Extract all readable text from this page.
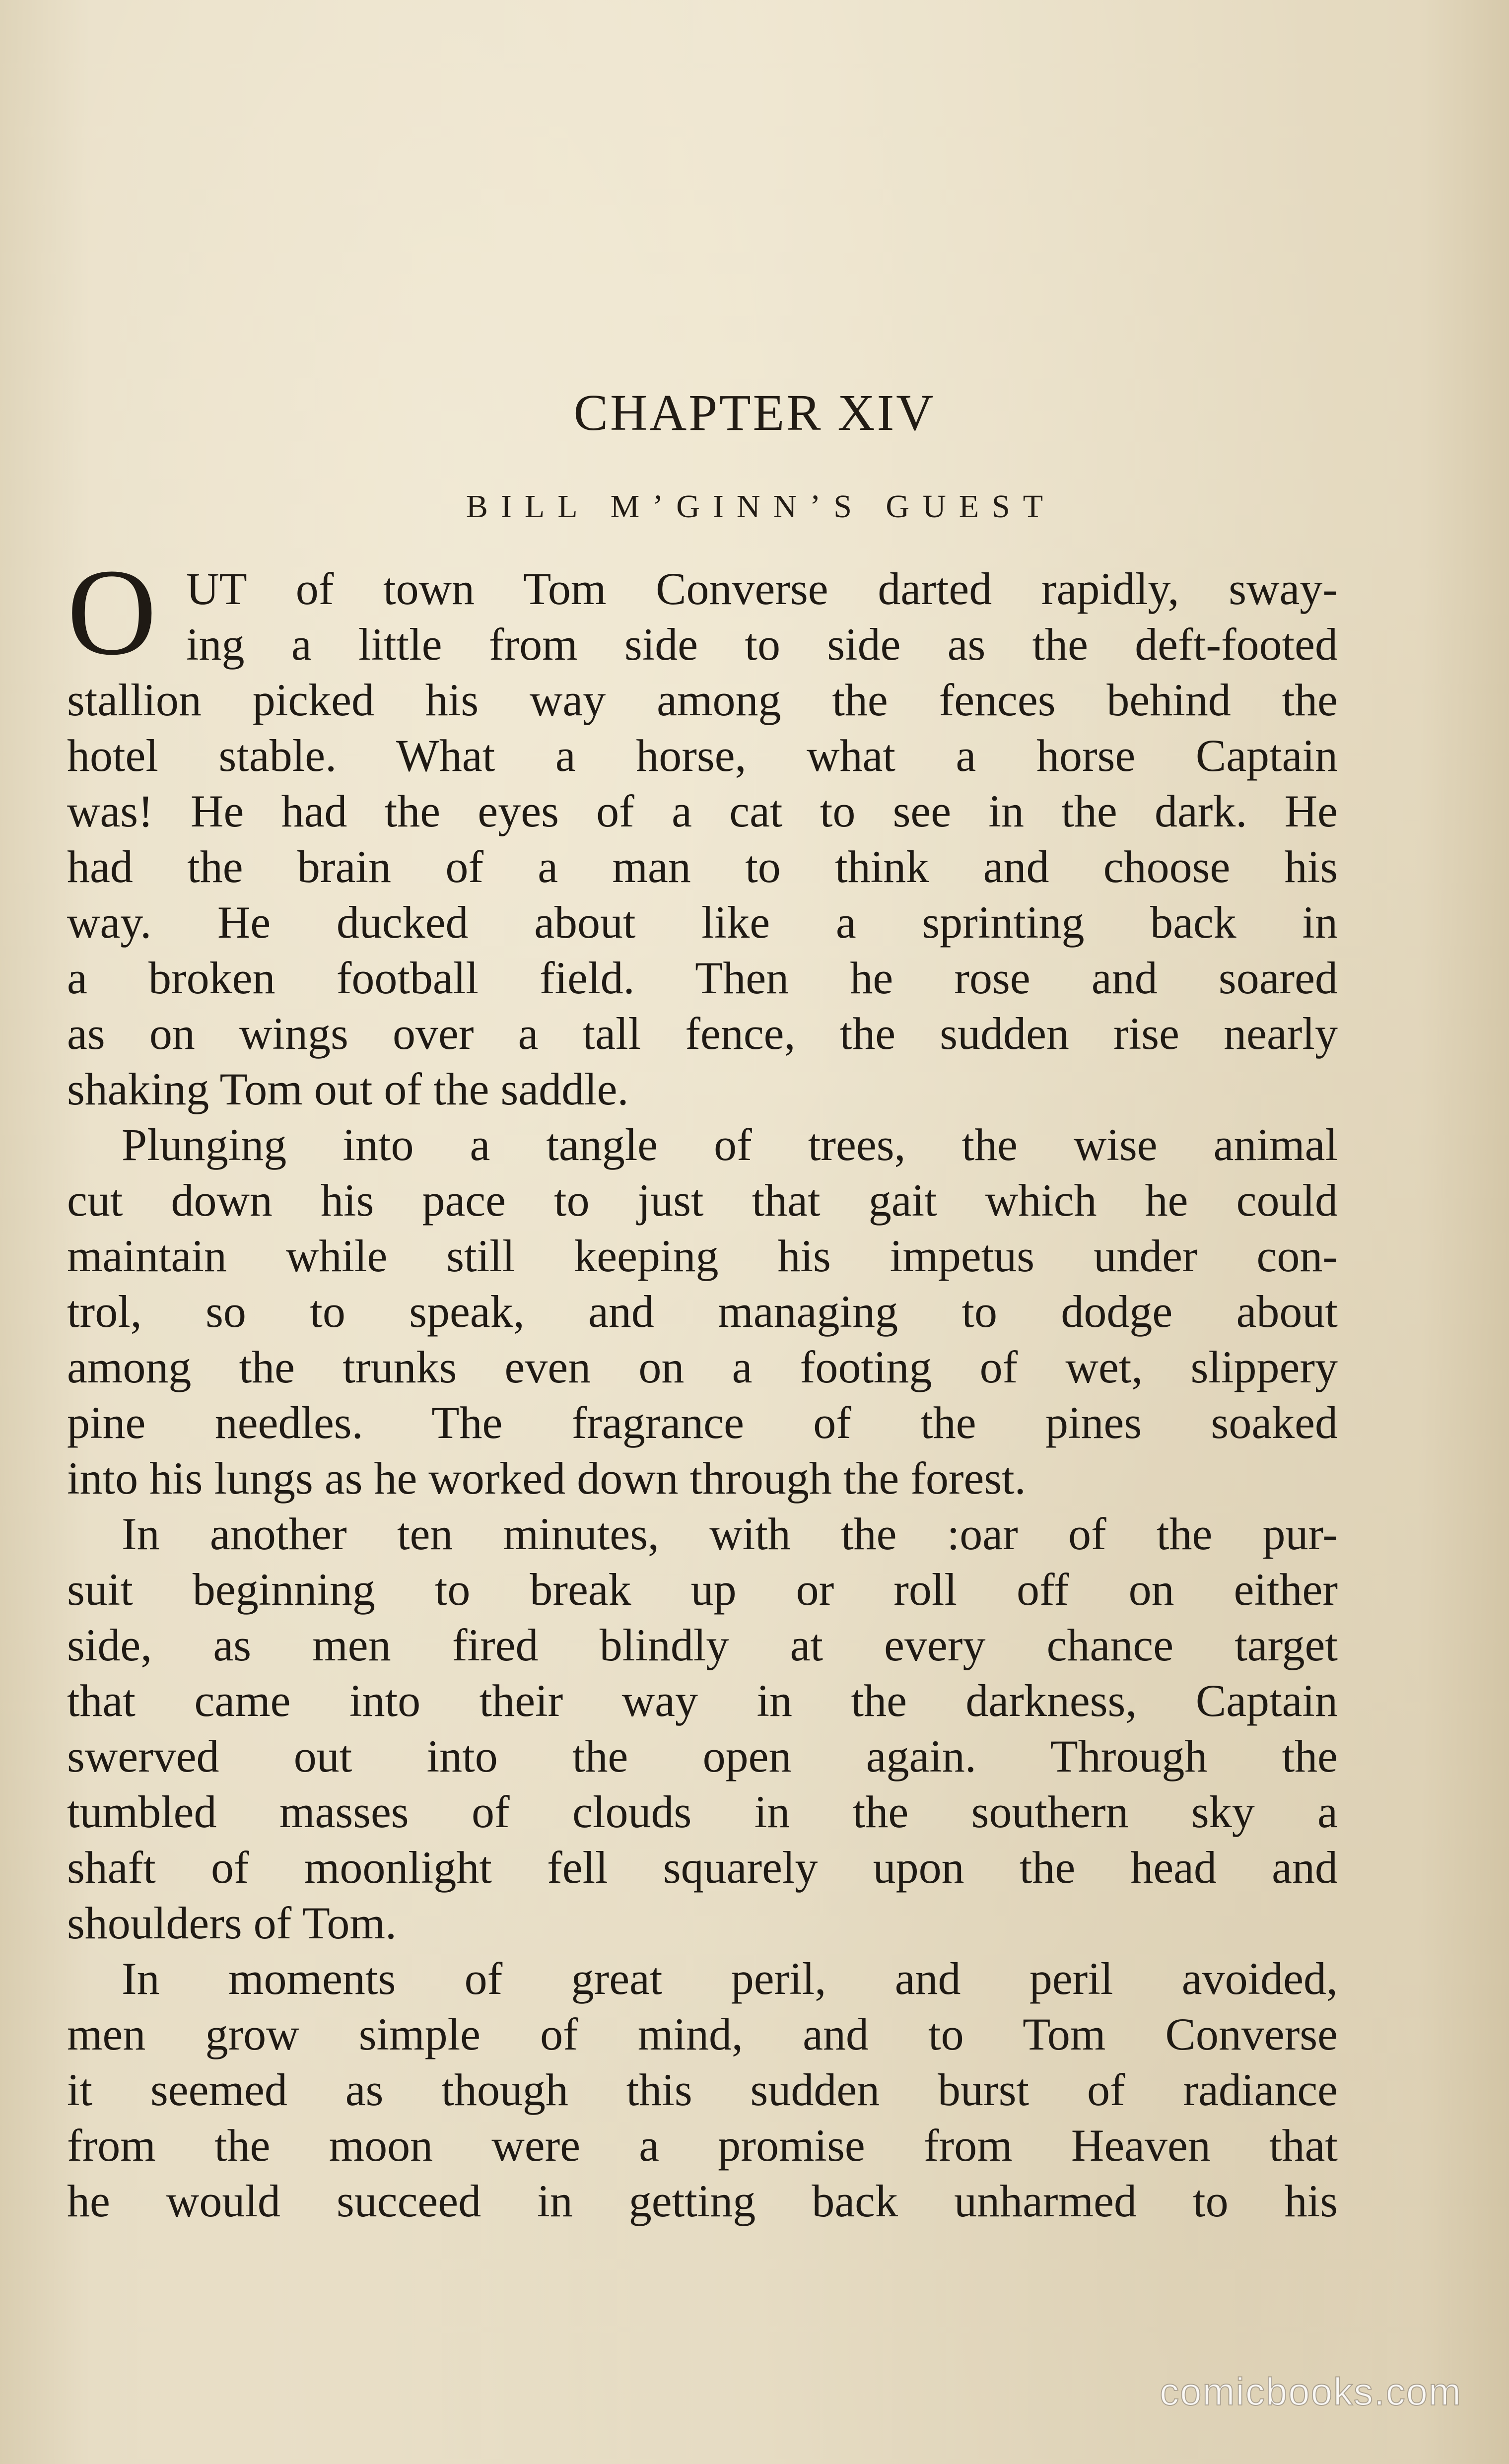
CHAPTER XIV
BILL M’GINN’S GUEST
O UT of town Tom Converse darted rapidly, sway-
ing a little from side to side as the deft-footed
stallion picked his way among the fences behind the
hotel stable. What a horse, what a horse Captain
was! He had the eyes of a cat to see in the dark. He
had the brain of a man to think and choose his
way. He ducked about like a sprinting back in
a broken football field. Then he rose and soared
as on wings over a tall fence, the sudden rise nearly
shaking Tom out of the saddle.
Plunging into a tangle of trees, the wise animal
cut down his pace to just that gait which he could
maintain while still keeping his impetus under con-
trol, so to speak, and managing to dodge about
among the trunks even on a footing of wet, slippery
pine needles. The fragrance of the pines soaked
into his lungs as he worked down through the forest.
In another ten minutes, with the :oar of the pur-
suit beginning to break up or roll off on either
side, as men fired blindly at every chance target
that came into their way in the darkness, Captain
swerved out into the open again. Through the
tumbled masses of clouds in the southern sky a
shaft of moonlight fell squarely upon the head and
shoulders of Tom.
In moments of great peril, and peril avoided,
men grow simple of mind, and to Tom Converse
it seemed as though this sudden burst of radiance
from the moon were a promise from Heaven that
he would succeed in getting back unharmed to his
comicbooks.com
